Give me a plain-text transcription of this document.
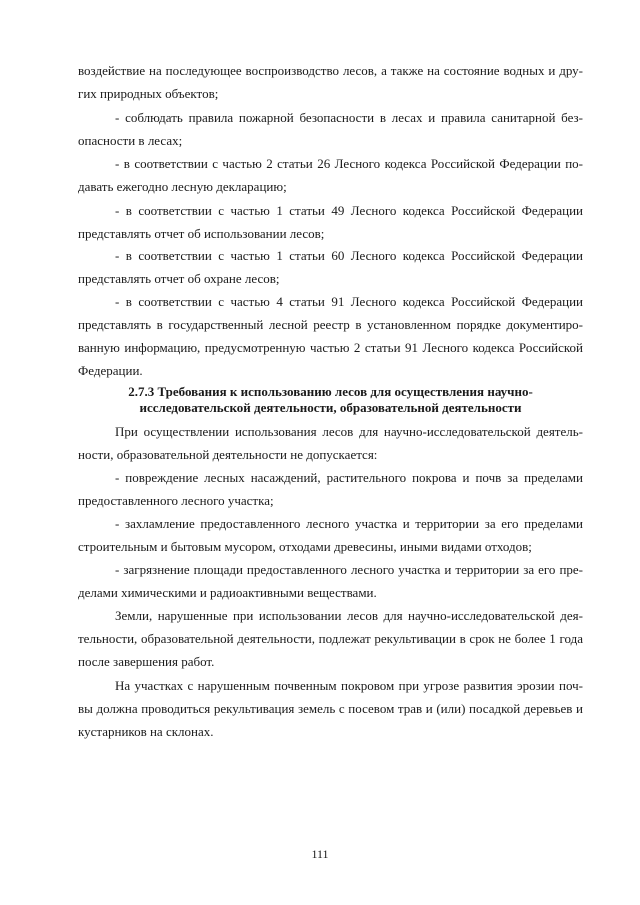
воздействие на последующее воспроизводство лесов, а также на состояние водных и дру-
гих природных объектов;
- соблюдать правила пожарной безопасности в лесах и правила санитарной без-
опасности в лесах;
- в соответствии с частью 2 статьи 26 Лесного кодекса Российской Федерации по-
давать ежегодно лесную декларацию;
- в соответствии с частью 1 статьи 49 Лесного кодекса Российской Федерации
представлять отчет об использовании лесов;
- в соответствии с частью 1 статьи 60 Лесного кодекса Российской Федерации
представлять отчет об охране лесов;
- в соответствии с частью 4 статьи 91 Лесного кодекса Российской Федерации
представлять в государственный лесной реестр в установленном порядке документиро-
ванную информацию, предусмотренную частью 2 статьи 91 Лесного кодекса Российской
Федерации.
2.7.3 Требования к использованию лесов для осуществления научно-
исследовательской деятельности, образовательной деятельности
При осуществлении использования лесов для научно-исследовательской деятель-
ности, образовательной деятельности не допускается:
- повреждение лесных насаждений, растительного покрова и почв за пределами
предоставленного лесного участка;
- захламление предоставленного лесного участка и территории за его пределами
строительным и бытовым мусором, отходами древесины, иными видами отходов;
- загрязнение площади предоставленного лесного участка и территории за его пре-
делами химическими и радиоактивными веществами.
Земли, нарушенные при использовании лесов для научно-исследовательской дея-
тельности, образовательной деятельности, подлежат рекультивации в срок не более 1 года
после завершения работ.
На участках с нарушенным почвенным покровом при угрозе развития эрозии поч-
вы должна проводиться рекультивация земель с посевом трав и (или) посадкой деревьев и
кустарников на склонах.
111
